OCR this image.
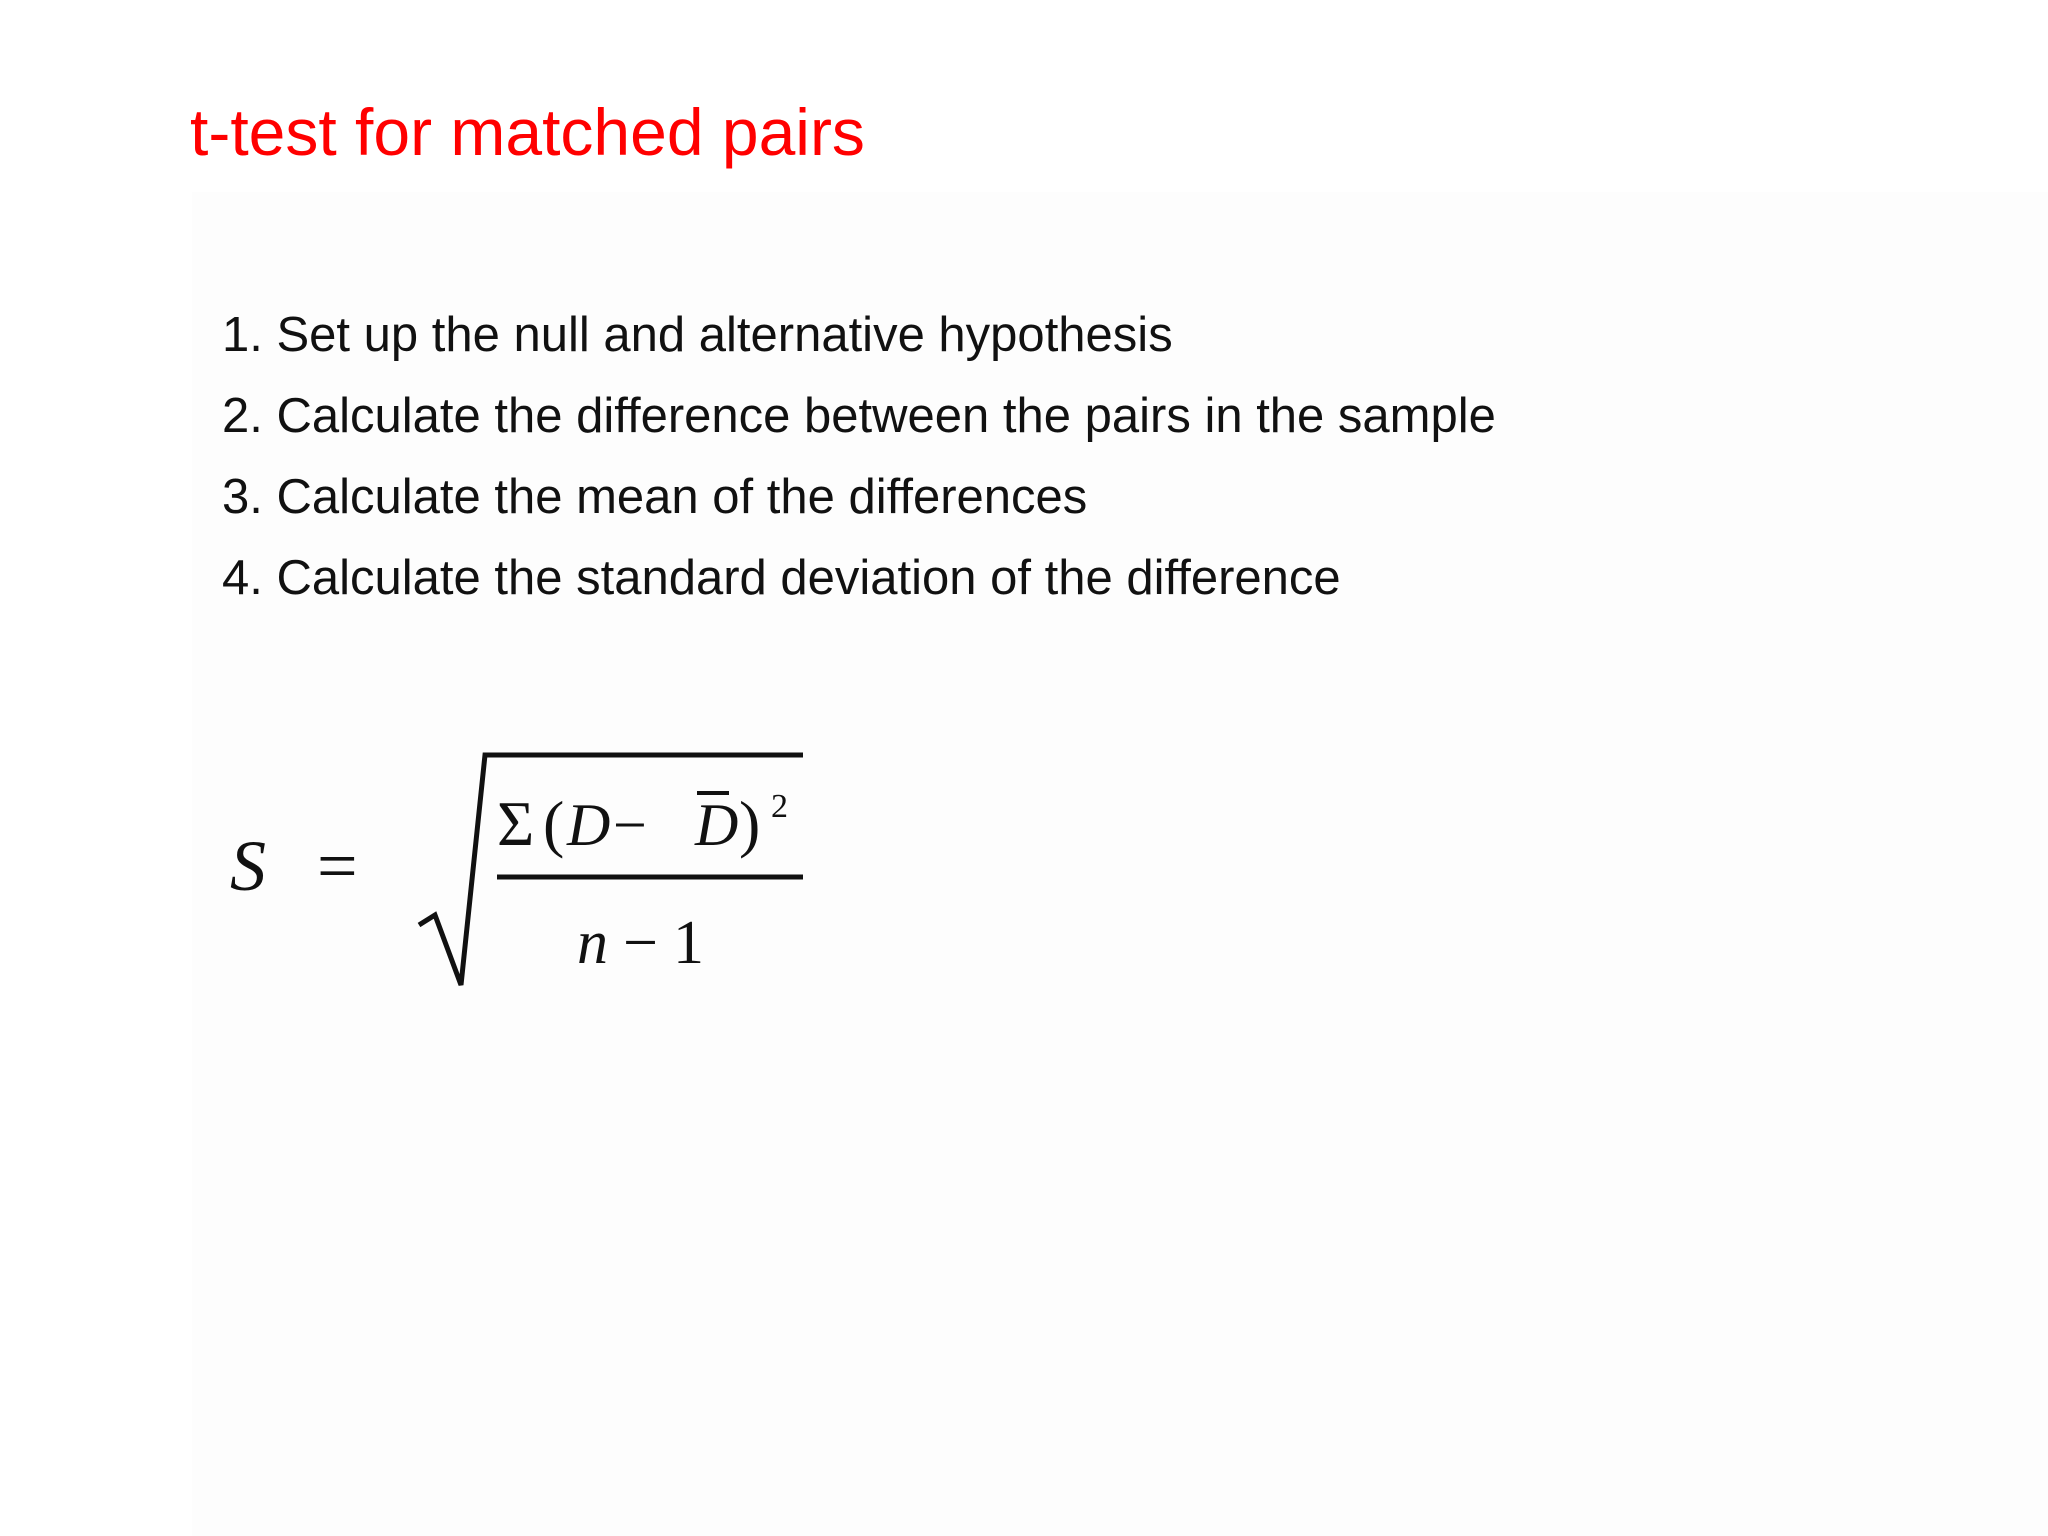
t-test for matched pairs
1. Set up the null and alternative hypothesis
2. Calculate the difference between the pairs in the sample
3. Calculate the mean of the differences
4. Calculate the standard deviation of the difference
S =
Σ ( D − D ) 2
n − 1
